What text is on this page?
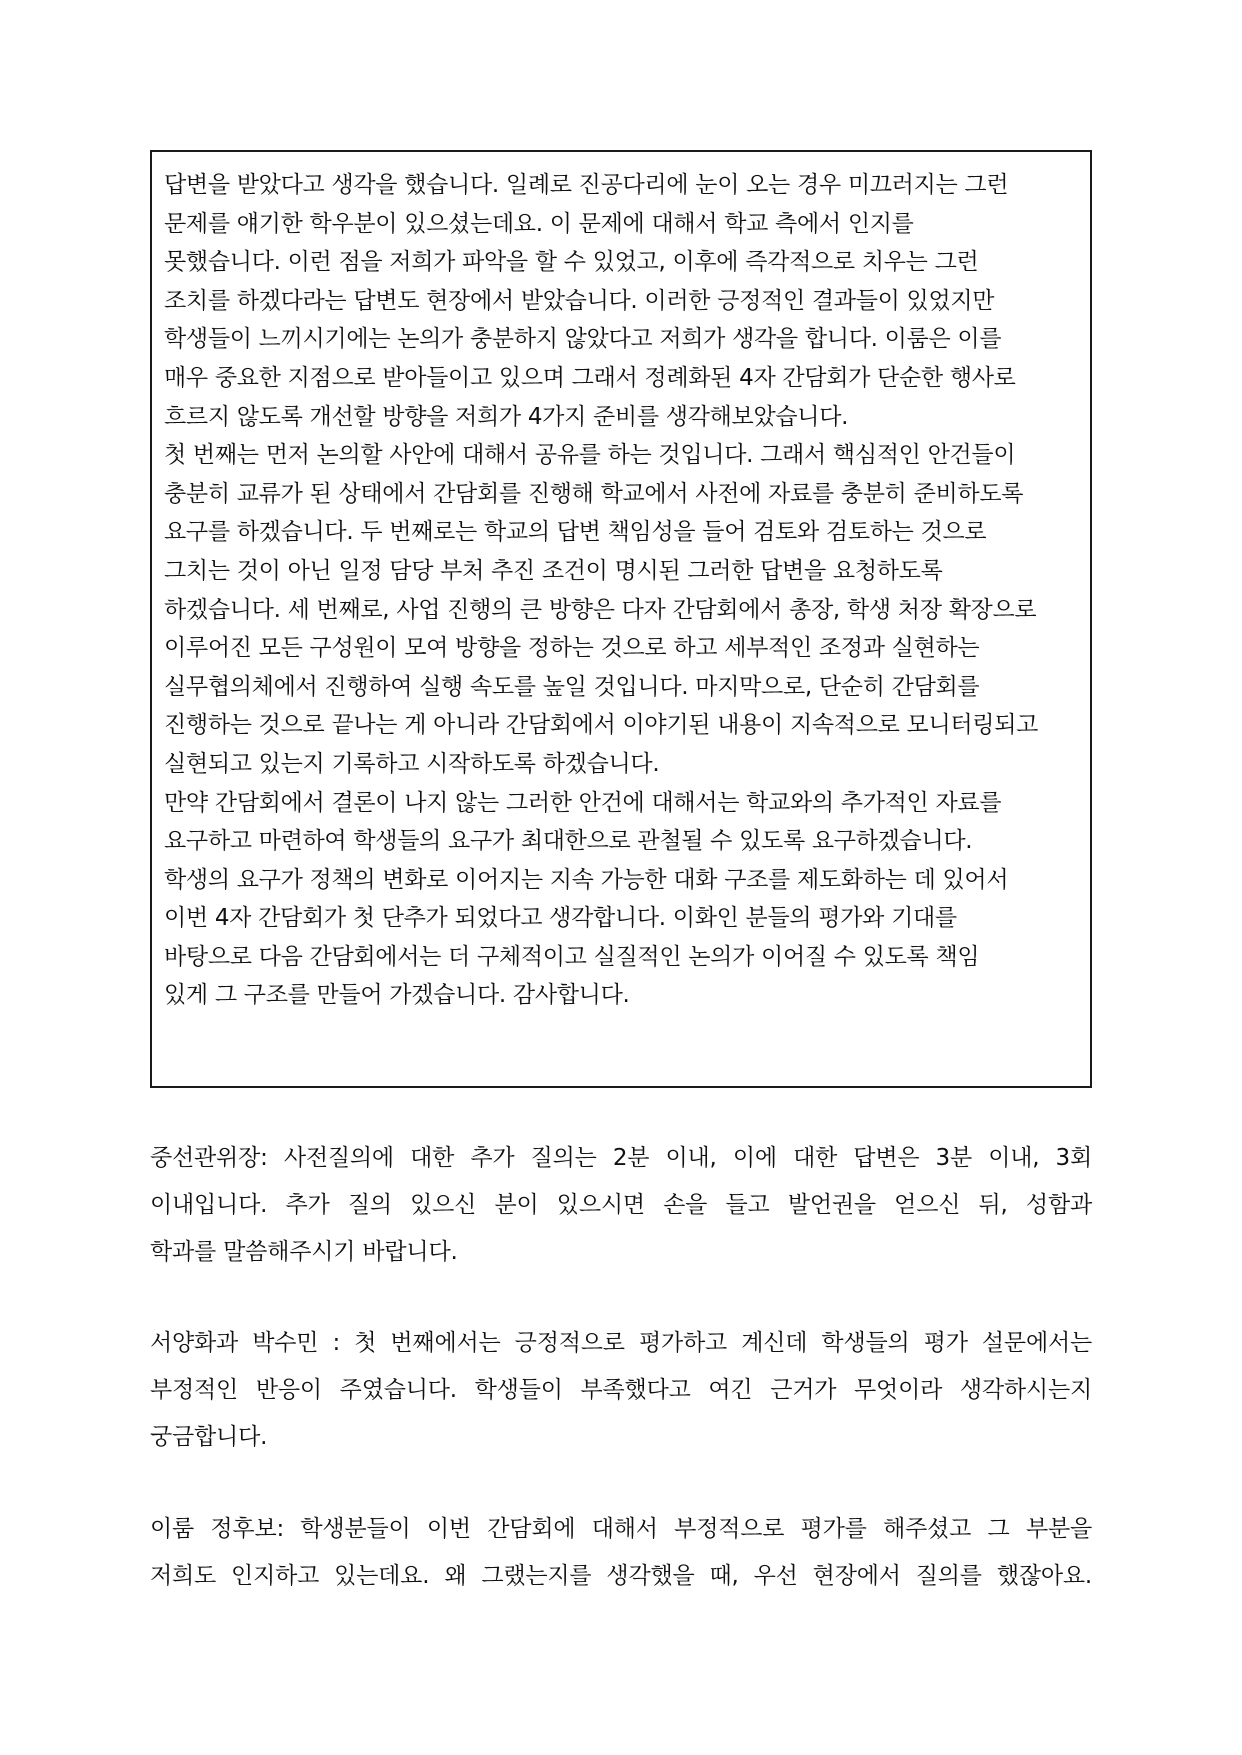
답변을 받았다고 생각을 했습니다. 일례로 진공다리에 눈이 오는 경우 미끄러지는 그런
문제를 얘기한 학우분이 있으셨는데요. 이 문제에 대해서 학교 측에서 인지를
못했습니다. 이런 점을 저희가 파악을 할 수 있었고, 이후에 즉각적으로 치우는 그런
조치를 하겠다라는 답변도 현장에서 받았습니다. 이러한 긍정적인 결과들이 있었지만
학생들이 느끼시기에는 논의가 충분하지 않았다고 저희가 생각을 합니다. 이룸은 이를
매우 중요한 지점으로 받아들이고 있으며 그래서 정례화된 4자 간담회가 단순한 행사로
흐르지 않도록 개선할 방향을 저희가 4가지 준비를 생각해보았습니다.
첫 번째는 먼저 논의할 사안에 대해서 공유를 하는 것입니다. 그래서 핵심적인 안건들이
충분히 교류가 된 상태에서 간담회를 진행해 학교에서 사전에 자료를 충분히 준비하도록
요구를 하겠습니다. 두 번째로는 학교의 답변 책임성을 들어 검토와 검토하는 것으로
그치는 것이 아닌 일정 담당 부처 추진 조건이 명시된 그러한 답변을 요청하도록
하겠습니다. 세 번째로, 사업 진행의 큰 방향은 다자 간담회에서 총장, 학생 처장 확장으로
이루어진 모든 구성원이 모여 방향을 정하는 것으로 하고 세부적인 조정과 실현하는
실무협의체에서 진행하여 실행 속도를 높일 것입니다. 마지막으로, 단순히 간담회를
진행하는 것으로 끝나는 게 아니라 간담회에서 이야기된 내용이 지속적으로 모니터링되고
실현되고 있는지 기록하고 시작하도록 하겠습니다.
만약 간담회에서 결론이 나지 않는 그러한 안건에 대해서는 학교와의 추가적인 자료를
요구하고 마련하여 학생들의 요구가 최대한으로 관철될 수 있도록 요구하겠습니다.
학생의 요구가 정책의 변화로 이어지는 지속 가능한 대화 구조를 제도화하는 데 있어서
이번 4자 간담회가 첫 단추가 되었다고 생각합니다. 이화인 분들의 평가와 기대를
바탕으로 다음 간담회에서는 더 구체적이고 실질적인 논의가 이어질 수 있도록 책임
있게 그 구조를 만들어 가겠습니다. 감사합니다.
중선관위장: 사전질의에 대한 추가 질의는 2분 이내, 이에 대한 답변은 3분 이내, 3회
이내입니다. 추가 질의 있으신 분이 있으시면 손을 들고 발언권을 얻으신 뒤, 성함과
학과를 말씀해주시기 바랍니다.
서양화과 박수민 : 첫 번째에서는 긍정적으로 평가하고 계신데 학생들의 평가 설문에서는
부정적인 반응이 주였습니다. 학생들이 부족했다고 여긴 근거가 무엇이라 생각하시는지
궁금합니다.
이룸 정후보: 학생분들이 이번 간담회에 대해서 부정적으로 평가를 해주셨고 그 부분을
저희도 인지하고 있는데요. 왜 그랬는지를 생각했을 때, 우선 현장에서 질의를 했잖아요.
